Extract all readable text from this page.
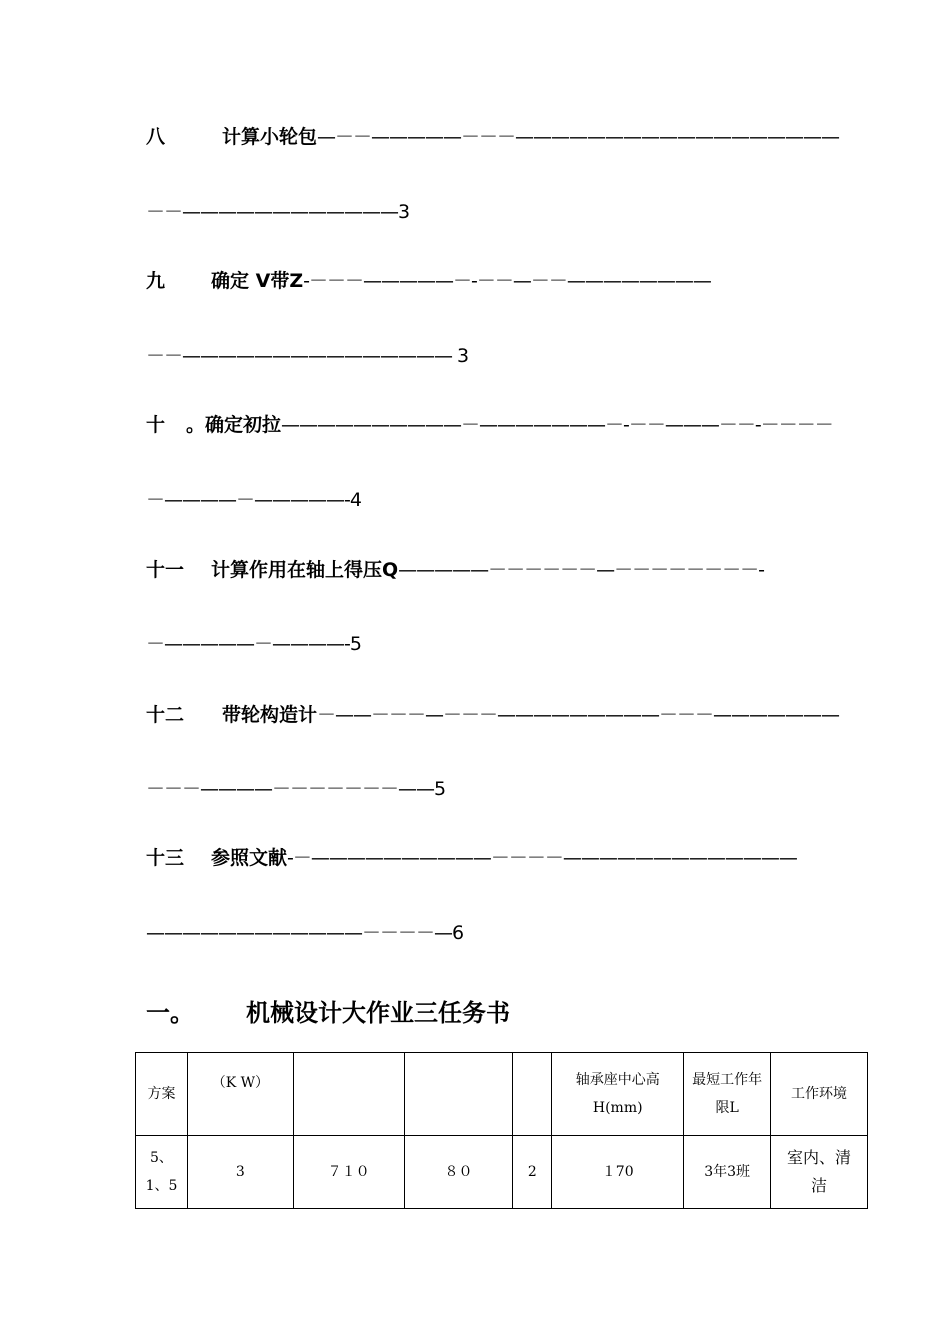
八	计算小轮包—－－—————－－－——————————————————
－－————————————3
九 确定 V带Z-－－－—————－-－－—－－————————
－－——————————————— 3
十 。确定初拉——————————－———————－-－－———－－-－－－－
－————－—————-4
十一 计算作用在轴上得压Q—————－－－－－－—－－－－－－－－-
－—————－————-5
十二 带轮构造计－——－－－—－－－—————————－－－———————
－－－————－－－－－－－——5
十三 参照文献-－——————————－－－－—————————————
————————————－－－－—6
一。 机械设计大作业三任务书
方案	（K W）				轴承座中心高H(mm)	最短工作年限L	工作环境
5、1、5	3	７１０	８０	2	１70	3年3班	室内、清洁
